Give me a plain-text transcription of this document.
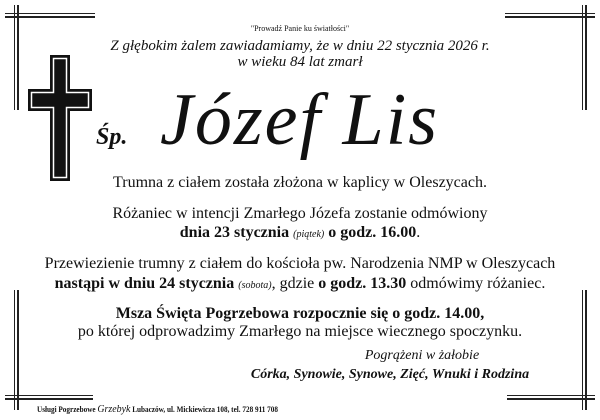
"Prowadź Panie ku światłości"
Z głębokim żalem zawiadamiamy, że w dniu 22 stycznia 2026 r.
w wieku 84 lat zmarł
Śp. Józef Lis
Trumna z ciałem została złożona w kaplicy w Oleszycach.
Różaniec w intencji Zmarłego Józefa zostanie odmówiony
dnia 23 stycznia (piątek) o godz. 16.00.
Przewiezienie trumny z ciałem do kościoła pw. Narodzenia NMP w Oleszycach
nastąpi w dniu 24 stycznia (sobota), gdzie o godz. 13.30 odmówimy różaniec.
Msza Święta Pogrzebowa rozpocznie się o godz. 14.00,
po której odprowadzimy Zmarłego na miejsce wiecznego spoczynku.
Pogrążeni w żałobie
Córka, Synowie, Synowe, Zięć, Wnuki i Rodzina
Usługi Pogrzebowe Grzebyk Lubaczów, ul. Mickiewicza 108, tel. 728 911 708
